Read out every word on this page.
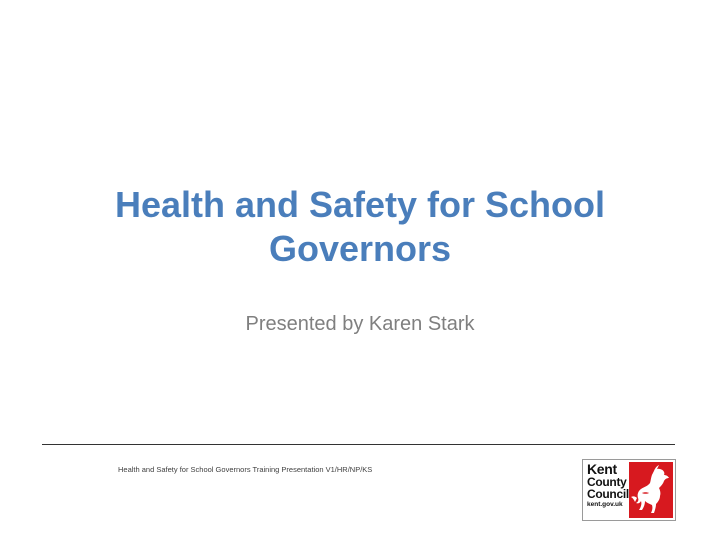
Health and Safety for School
Governors
Presented by Karen Stark
Health and Safety for School Governors Training Presentation V1/HR/NP/KS	Kent
County
Council
kent.gov.uk
